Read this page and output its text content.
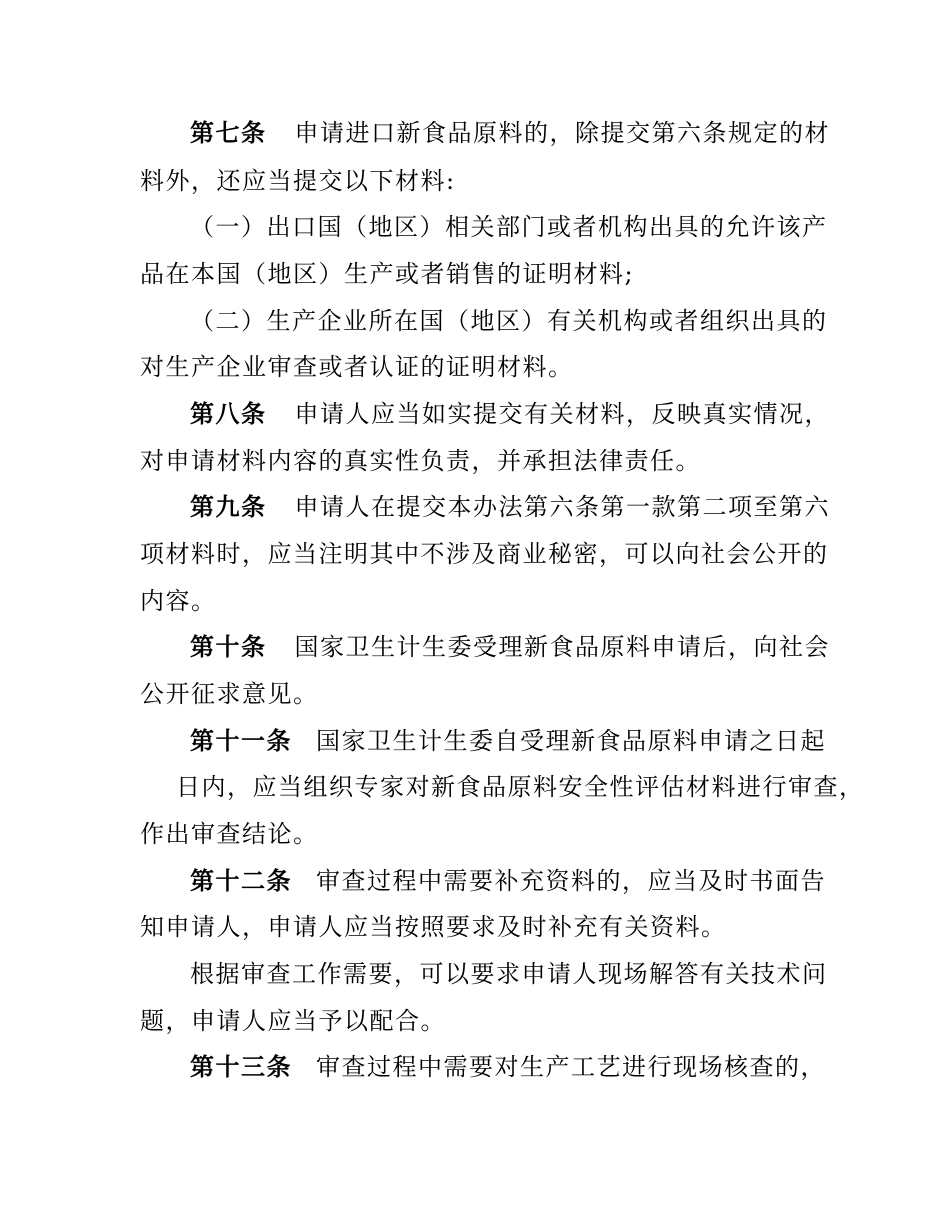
第七条 申请进口新食品原料的，除提交第六条规定的材
料外，还应当提交以下材料:
（一）出口国（地区）相关部门或者机构出具的允许该产
品在本国（地区）生产或者销售的证明材料;
（二）生产企业所在国（地区）有关机构或者组织出具的
对生产企业审查或者认证的证明材料。
第八条 申请人应当如实提交有关材料，反映真实情况，
对申请材料内容的真实性负责，并承担法律责任。
第九条 申请人在提交本办法第六条第一款第二项至第六
项材料时，应当注明其中不涉及商业秘密，可以向社会公开的
内容。
第十条 国家卫生计生委受理新食品原料申请后，向社会
公开征求意见。
第十一条 国家卫生计生委自受理新食品原料申请之日起
日内，应当组织专家对新食品原料安全性评估材料进行审查，
作出审查结论。
第十二条 审查过程中需要补充资料的，应当及时书面告
知申请人，申请人应当按照要求及时补充有关资料。
根据审查工作需要，可以要求申请人现场解答有关技术问
题，申请人应当予以配合。
第十三条 审查过程中需要对生产工艺进行现场核查的，
